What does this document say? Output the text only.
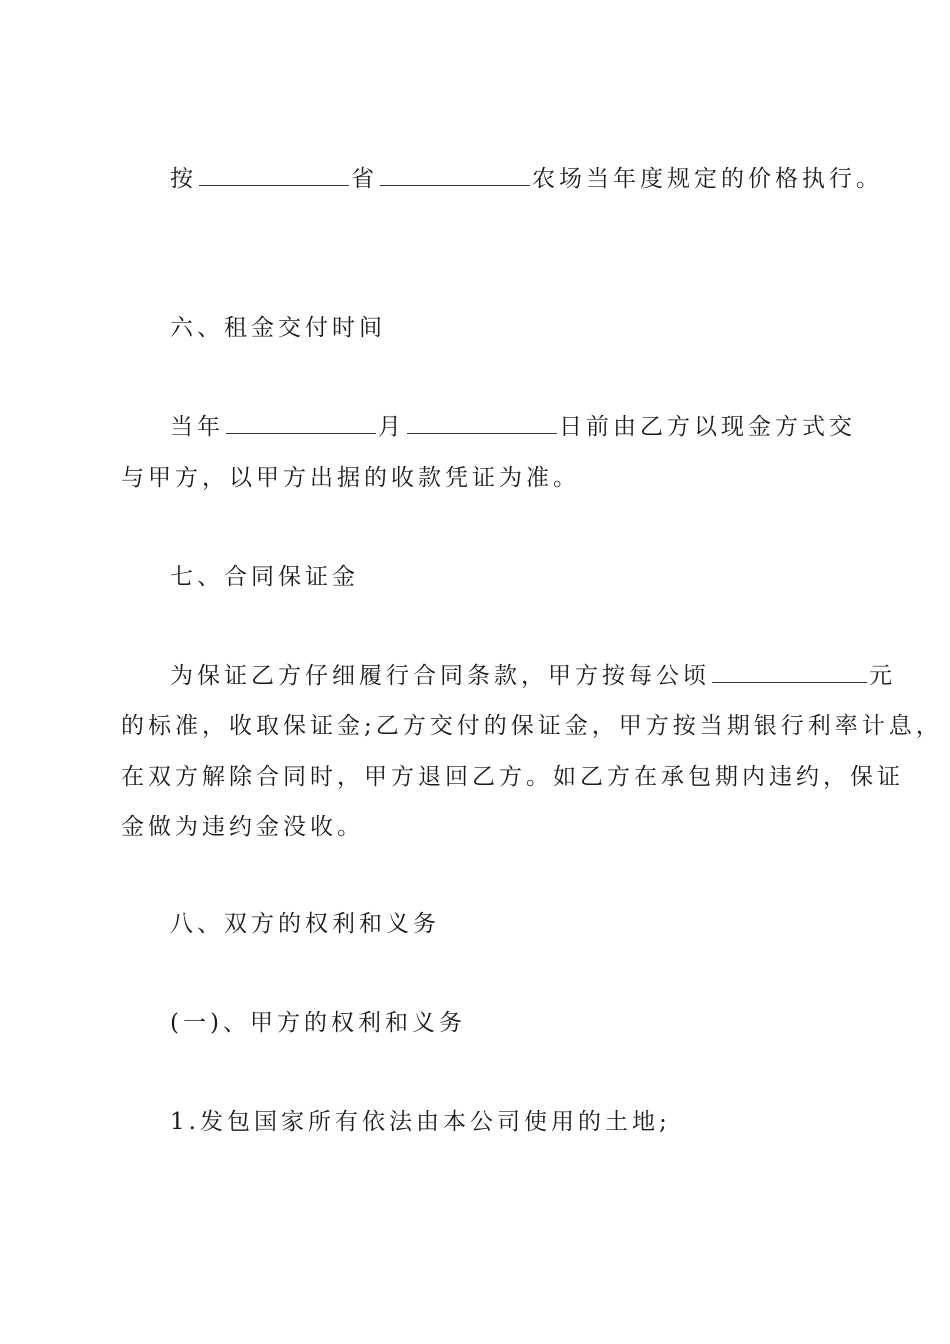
按	省	农场当年度规定的价格执行。
六、租金交付时间
当年	月	日前由乙方以现金方式交
与甲方，以甲方出据的收款凭证为准。
七、合同保证金
为保证乙方仔细履行合同条款，甲方按每公顷	元
的标准，收取保证金;乙方交付的保证金，甲方按当期银行利率计息，
在双方解除合同时，甲方退回乙方。如乙方在承包期内违约，保证
金做为违约金没收。
八、双方的权利和义务
(一)、甲方的权利和义务
1.发包国家所有依法由本公司使用的土地;
